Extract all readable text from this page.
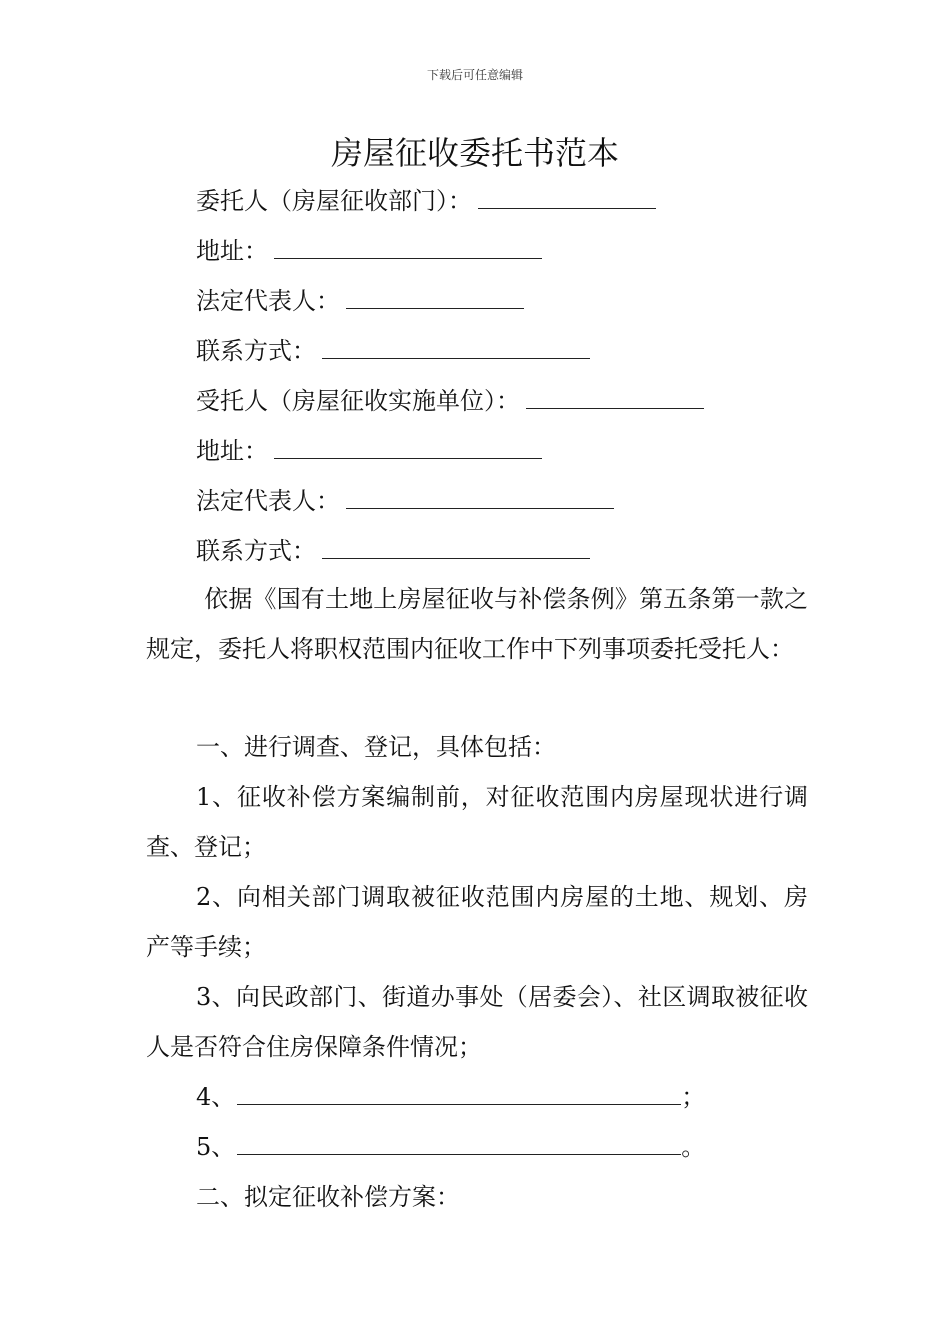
下载后可任意编辑
房屋征收委托书范本
委托人（房屋征收部门）：
地址：
法定代表人：
联系方式：
受托人（房屋征收实施单位）：
地址：
法定代表人：
联系方式：
依据《国有土地上房屋征收与补偿条例》第五条第一款之规定，委托人将职权范围内征收工作中下列事项委托受托人：
一、进行调查、登记，具体包括：
1、征收补偿方案编制前，对征收范围内房屋现状进行调查、登记；
2、向相关部门调取被征收范围内房屋的土地、规划、房产等手续；
3、向民政部门、街道办事处（居委会）、社区调取被征收人是否符合住房保障条件情况；
4、	；
5、	。
二、拟定征收补偿方案：
